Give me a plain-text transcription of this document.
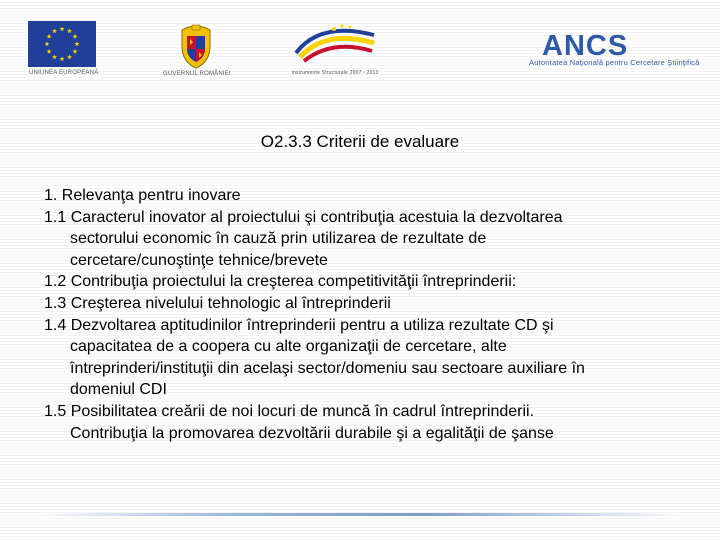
UNIUNEA EUROPEANĂ	GUVERNUL ROMÂNIEI	Instrumente Structurale 2007 - 2013
ANCS
Autoritatea Naţională pentru Cercetare Ştiinţifică
O2.3.3 Criterii de evaluare
1. Relevanţa pentru inovare
1.1 Caracterul inovator al proiectului şi contribuţia acestuia la dezvoltarea
sectorului economic în cauză prin utilizarea de rezultate de
cercetare/cunoştinţe tehnice/brevete
1.2 Contribuţia proiectului la creşterea competitivităţii întreprinderii:
1.3 Creşterea nivelului tehnologic al întreprinderii
1.4 Dezvoltarea aptitudinilor întreprinderii pentru a utiliza rezultate CD şi
capacitatea de a coopera cu alte organizaţii de cercetare, alte
întreprinderi/instituţii din acelaşi sector/domeniu sau sectoare auxiliare în
domeniul CDI
1.5 Posibilitatea creării de noi locuri de muncă în cadrul întreprinderii.
Contribuţia la promovarea dezvoltării durabile şi a egalităţii de şanse
